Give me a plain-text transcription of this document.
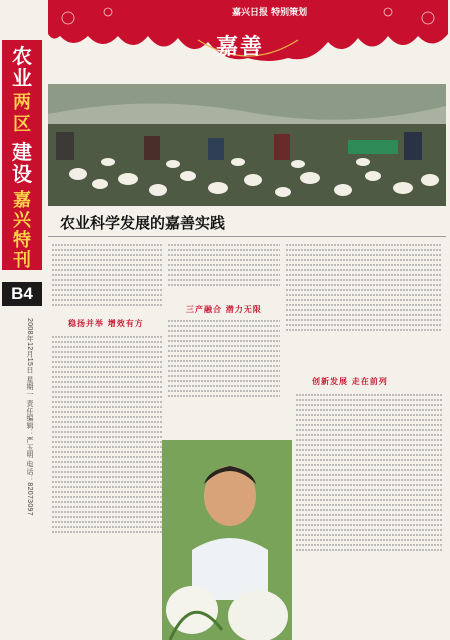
农
业
两
区
建
设
嘉
兴
特
刊
B4
2008年12月15日 星期一 责任编辑：严玉明 电话：82073097
嘉兴日报 特别策划
嘉善
农业科学发展的嘉善实践
稳扬并举 增效有方
三产融合 潜力无限
创新发展 走在前列
